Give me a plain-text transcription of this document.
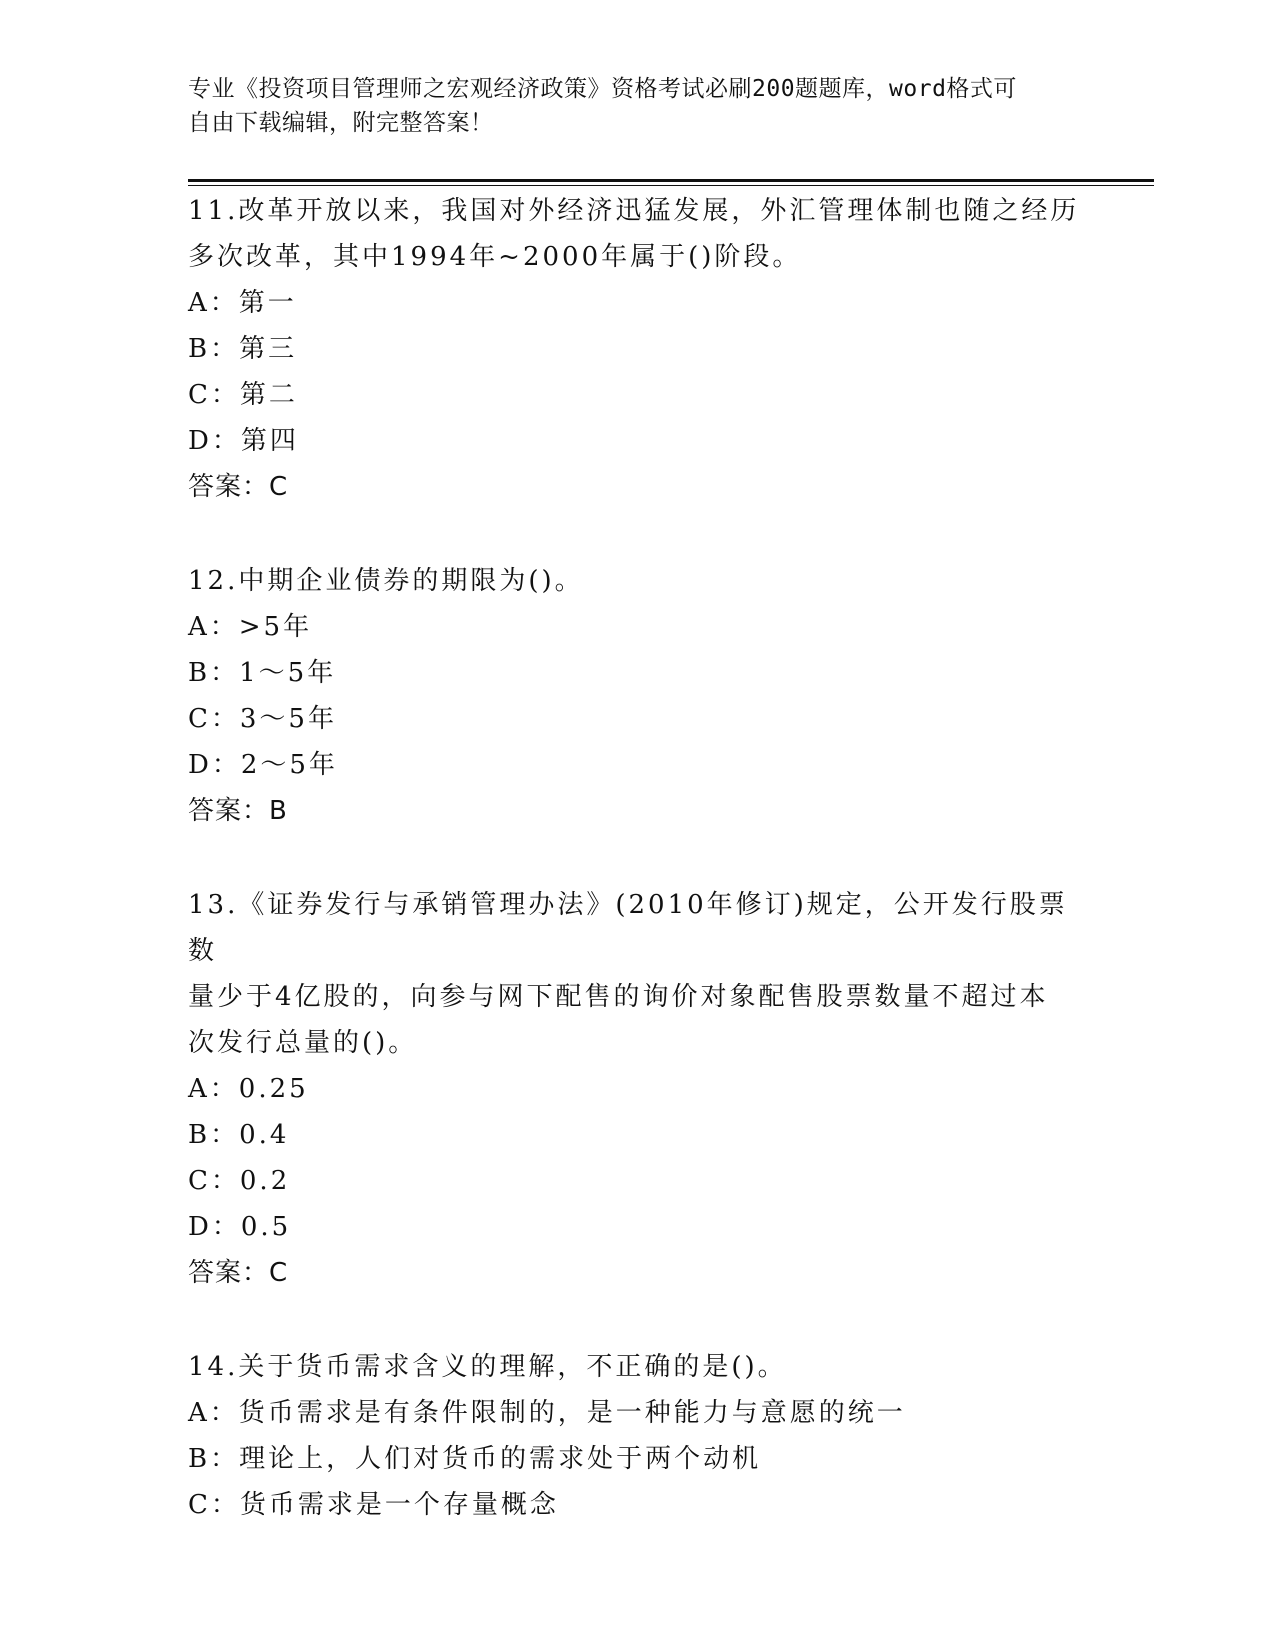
专业《投资项目管理师之宏观经济政策》资格考试必刷200题题库，word格式可
自由下载编辑，附完整答案！
11.改革开放以来，我国对外经济迅猛发展，外汇管理体制也随之经历
多次改革，其中1994年~2000年属于()阶段。
A：第一
B：第三
C：第二
D：第四
答案：C
12.中期企业债券的期限为()。
A：>5年
B：1～5年
C：3～5年
D：2～5年
答案：B
13.《证券发行与承销管理办法》(2010年修订)规定，公开发行股票数
量少于4亿股的，向参与网下配售的询价对象配售股票数量不超过本
次发行总量的()。
A：0.25
B：0.4
C：0.2
D：0.5
答案：C
14.关于货币需求含义的理解，不正确的是()。
A：货币需求是有条件限制的，是一种能力与意愿的统一
B：理论上，人们对货币的需求处于两个动机
C：货币需求是一个存量概念
